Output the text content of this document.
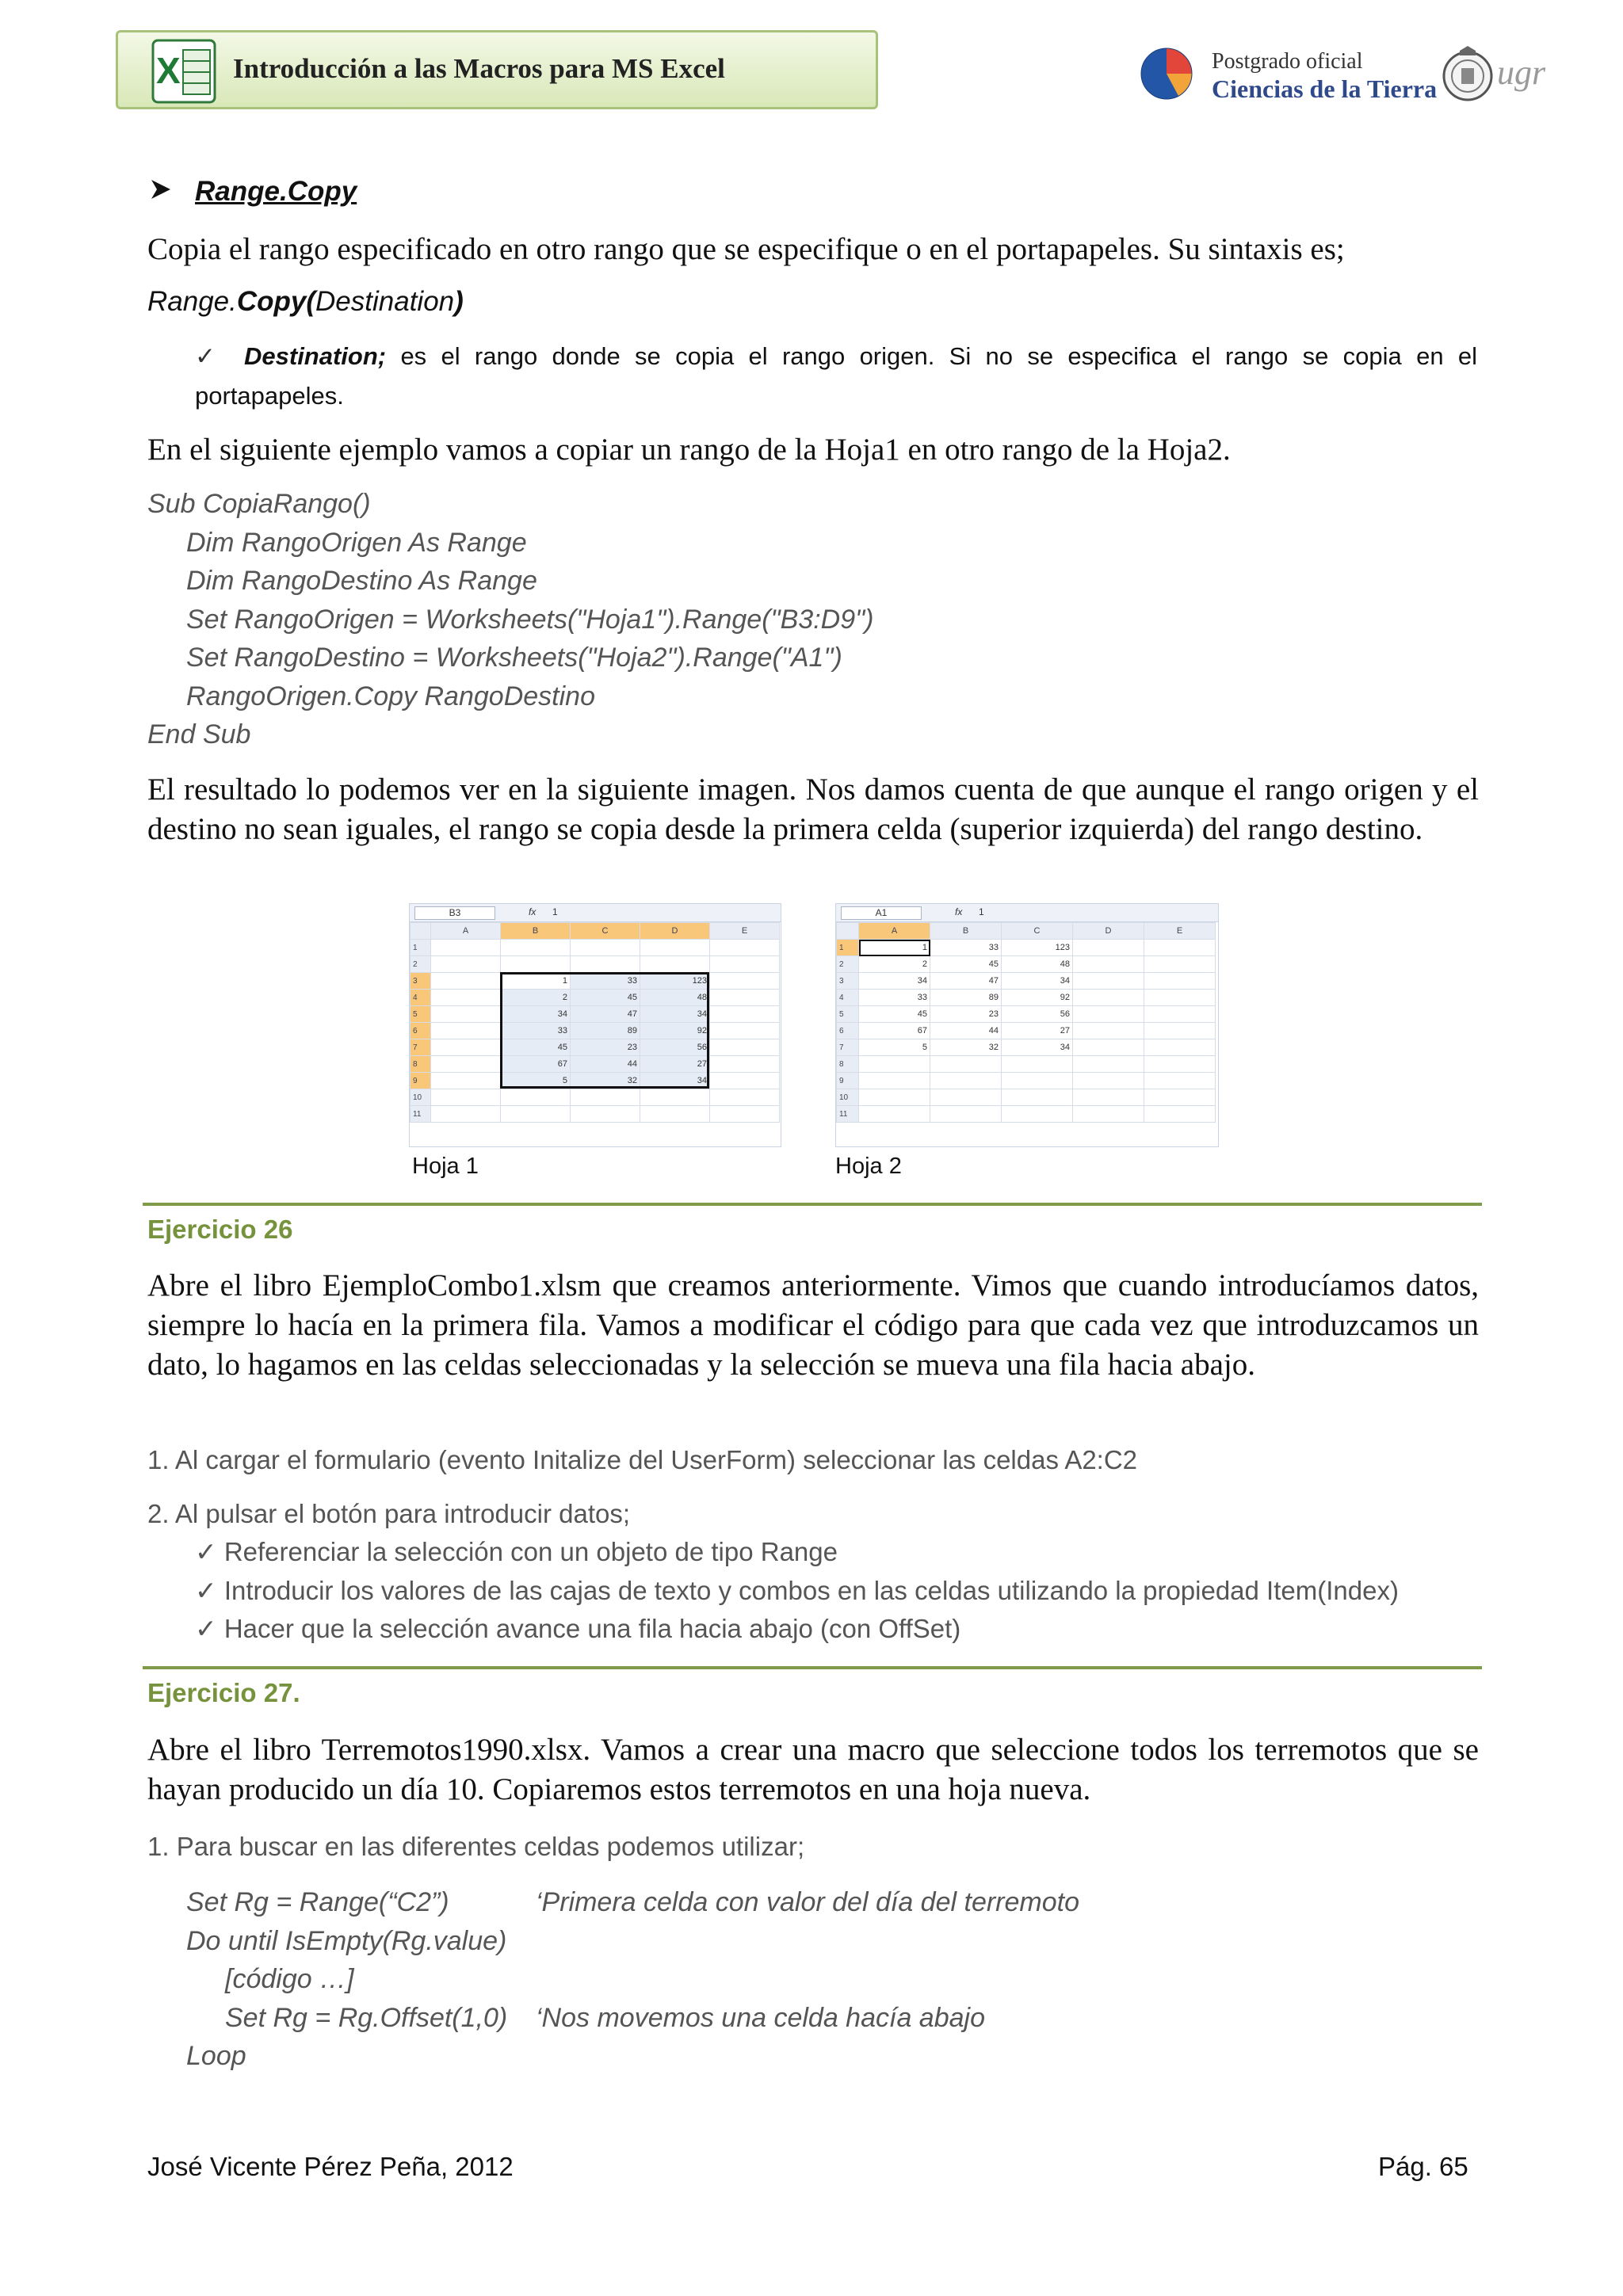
X Introducción a las Macros para MS Excel	Postgrado oficial
Ciencias de la Tierra ugr
Range.Copy
Copia el rango especificado en otro rango que se especifique o en el portapapeles. Su sintaxis es;
Range.Copy(Destination)
✓ Destination; es el rango donde se copia el rango origen. Si no se especifica el rango se copia en el portapapeles.
En el siguiente ejemplo vamos a copiar un rango de la Hoja1 en otro rango de la Hoja2.
Sub CopiaRango()
Dim RangoOrigen As Range
Dim RangoDestino As Range
Set RangoOrigen = Worksheets("Hoja1").Range("B3:D9")
Set RangoDestino = Worksheets("Hoja2").Range("A1")
RangoOrigen.Copy RangoDestino
End Sub
El resultado lo podemos ver en la siguiente imagen. Nos damos cuenta de que aunque el rango origen y el destino no sean iguales, el rango se copia desde la primera celda (superior izquierda) del rango destino.
B3	fx 1
	A	B	C	D	E
1					
2					
3		1	33	123	
4		2	45	48	
5		34	47	34	
6		33	89	92	
7		45	23	56	
8		67	44	27	
9		5	32	34	
10					
11					
Hoja 1
A1	fx 1
	A	B	C	D	E
1	1	33	123		
2	2	45	48		
3	34	47	34		
4	33	89	92		
5	45	23	56		
6	67	44	27		
7	5	32	34		
8					
9					
10					
11					
Hoja 2
Ejercicio 26
Abre el libro EjemploCombo1.xlsm que creamos anteriormente. Vimos que cuando introducíamos datos, siempre lo hacía en la primera fila. Vamos a modificar el código para que cada vez que introduzcamos un dato, lo hagamos en las celdas seleccionadas y la selección se mueva una fila hacia abajo.
1. Al cargar el formulario (evento Initalize del UserForm) seleccionar las celdas A2:C2
2. Al pulsar el botón para introducir datos;
✓ Referenciar la selección con un objeto de tipo Range
✓ Introducir los valores de las cajas de texto y combos en las celdas utilizando la propiedad Item(Index)
✓ Hacer que la selección avance una fila hacia abajo (con OffSet)
Ejercicio 27.
Abre el libro Terremotos1990.xlsx. Vamos a crear una macro que seleccione todos los terremotos que se hayan producido un día 10. Copiaremos estos terremotos en una hoja nueva.
1. Para buscar en las diferentes celdas podemos utilizar;
Set Rg = Range(“C2”)	‘Primera celda con valor del día del terremoto
Do until IsEmpty(Rg.value)
[código …]
Set Rg = Rg.Offset(1,0) ‘Nos movemos una celda hacía abajo
Loop
José Vicente Pérez Peña, 2012	Pág. 65
